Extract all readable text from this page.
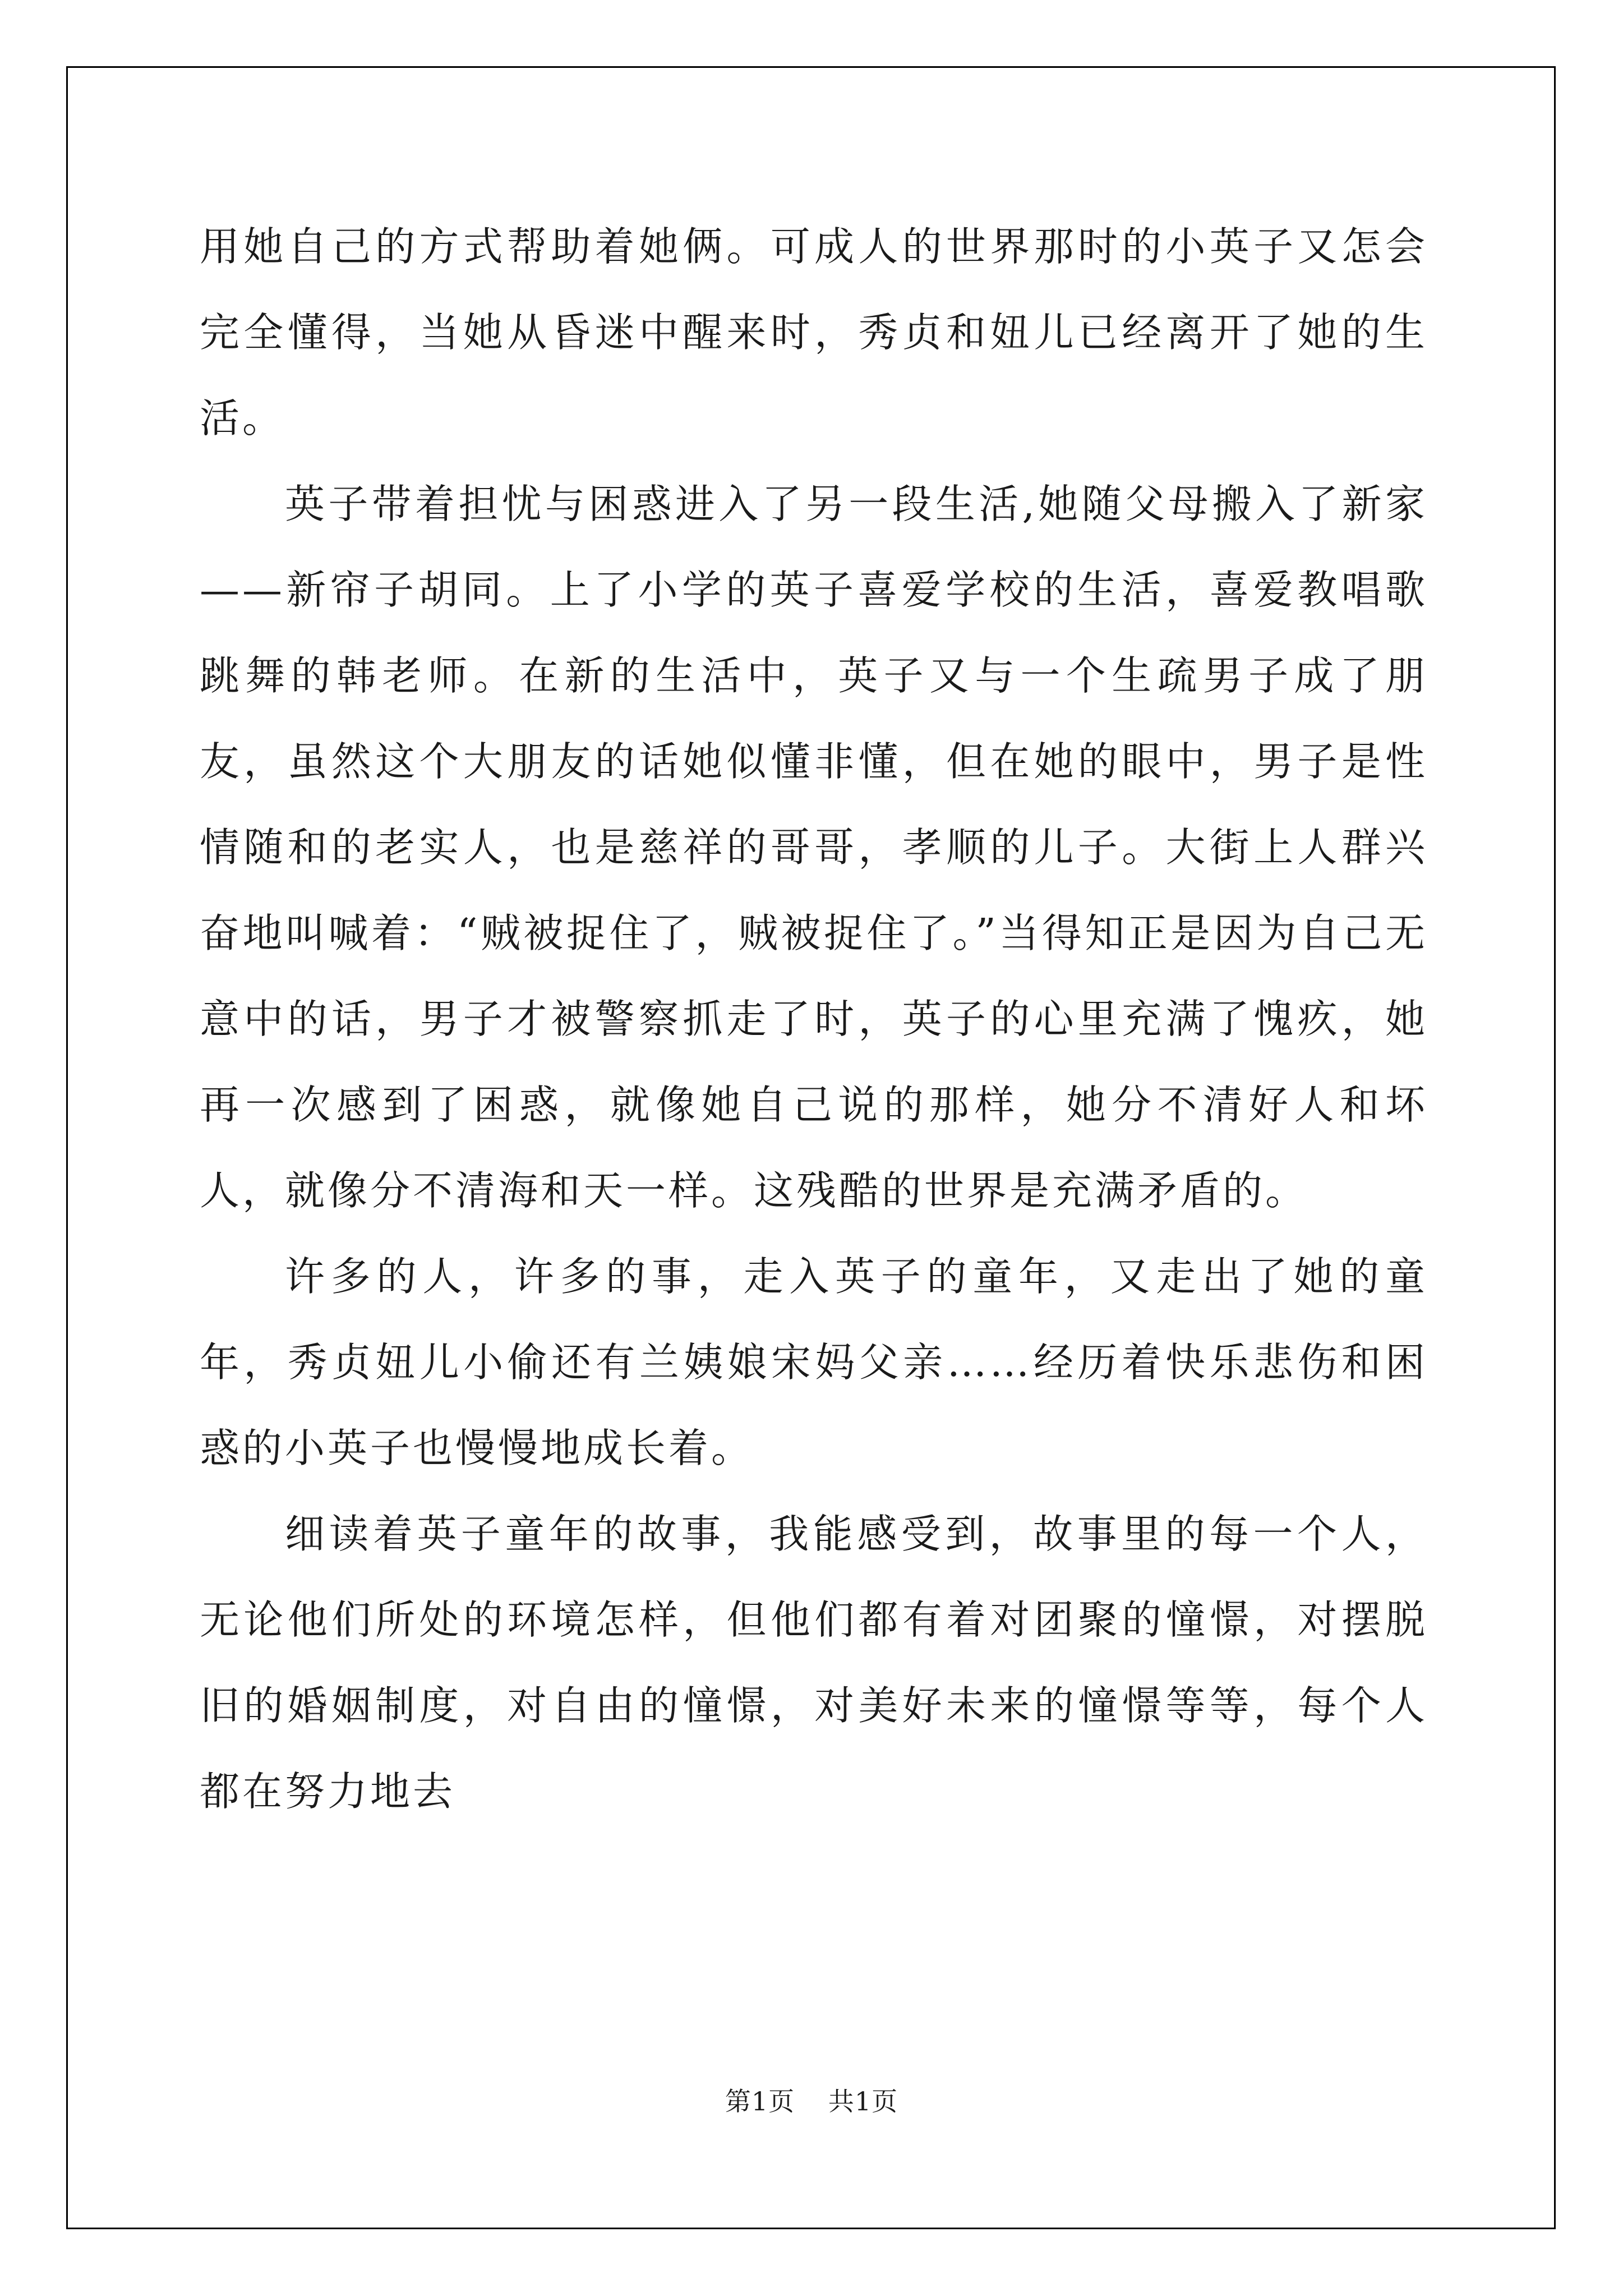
用她自己的方式帮助着她俩。可成人的世界那时的小英子又怎会完全懂得，当她从昏迷中醒来时，秀贞和妞儿已经离开了她的生活。

英子带着担忧与困惑进入了另一段生活,她随父母搬入了新家——新帘子胡同。上了小学的英子喜爱学校的生活，喜爱教唱歌跳舞的韩老师。在新的生活中，英子又与一个生疏男子成了朋友，虽然这个大朋友的话她似懂非懂，但在她的眼中，男子是性情随和的老实人，也是慈祥的哥哥，孝顺的儿子。大街上人群兴奋地叫喊着：“贼被捉住了，贼被捉住了。”当得知正是因为自己无意中的话，男子才被警察抓走了时，英子的心里充满了愧疚，她再一次感到了困惑，就像她自己说的那样，她分不清好人和坏人，就像分不清海和天一样。这残酷的世界是充满矛盾的。

许多的人，许多的事，走入英子的童年，又走出了她的童年，秀贞妞儿小偷还有兰姨娘宋妈父亲……经历着快乐悲伤和困惑的小英子也慢慢地成长着。

细读着英子童年的故事，我能感受到，故事里的每一个人，无论他们所处的环境怎样，但他们都有着对团聚的憧憬，对摆脱旧的婚姻制度，对自由的憧憬，对美好未来的憧憬等等，每个人都在努力地去

第1页 共1页
